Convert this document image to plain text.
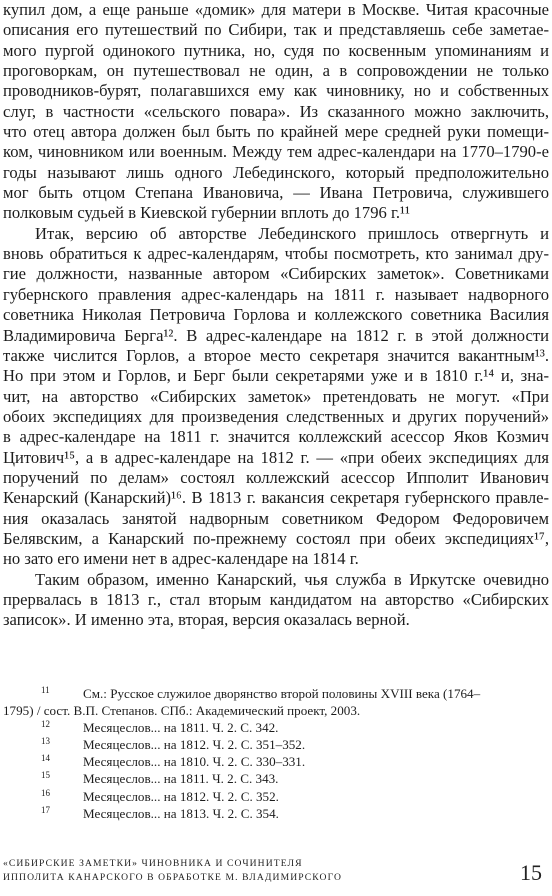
купил дом, а еще раньше «домик» для матери в Москве. Читая красочные
описания его путешествий по Сибири, так и представляешь себе заметае-
мого пургой одинокого путника, но, судя по косвенным упоминаниям и
проговоркам, он путешествовал не один, а в сопровождении не только
проводников-бурят, полагавшихся ему как чиновнику, но и собственных
слуг, в частности «сельского повара». Из сказанного можно заключить,
что отец автора должен был быть по крайней мере средней руки помещи-
ком, чиновником или военным. Между тем адрес-календари на 1770–1790-е
годы называют лишь одного Лебединского, который предположительно
мог быть отцом Степана Ивановича, — Ивана Петровича, служившего
полковым судьей в Киевской губернии вплоть до 1796 г.¹¹
Итак, версию об авторстве Лебединского пришлось отвергнуть и
вновь обратиться к адрес-календарям, чтобы посмотреть, кто занимал дру-
гие должности, названные автором «Сибирских заметок». Советниками
губернского правления адрес-календарь на 1811 г. называет надворного
советника Николая Петровича Горлова и коллежского советника Василия
Владимировича Берга¹². В адрес-календаре на 1812 г. в этой должности
также числится Горлов, а второе место секретаря значится вакантным¹³.
Но при этом и Горлов, и Берг были секретарями уже и в 1810 г.¹⁴ и, зна-
чит, на авторство «Сибирских заметок» претендовать не могут. «При
обоих экспедициях для произведения следственных и других поручений»
в адрес-календаре на 1811 г. значится коллежский асессор Яков Козмич
Цитович¹⁵, а в адрес-календаре на 1812 г. — «при обеих экспедициях для
поручений по делам» состоял коллежский асессор Ипполит Иванович
Кенарский (Канарский)¹⁶. В 1813 г. вакансия секретаря губернского правле-
ния оказалась занятой надворным советником Федором Федоровичем
Белявским, а Канарский по-прежнему состоял при обеих экспедициях¹⁷,
но зато его имени нет в адрес-календаре на 1814 г.
Таким образом, именно Канарский, чья служба в Иркутске очевидно
прервалась в 1813 г., стал вторым кандидатом на авторство «Сибирских
записок». И именно эта, вторая, версия оказалась верной.
11	См.: Русское служилое дворянство второй половины XVIII века (1764–
1795) / сост. В.П. Степанов. СПб.: Академический проект, 2003.
12	Месяцеслов... на 1811. Ч. 2. С. 342.
13	Месяцеслов... на 1812. Ч. 2. С. 351–352.
14	Месяцеслов... на 1810. Ч. 2. С. 330–331.
15	Месяцеслов... на 1811. Ч. 2. С. 343.
16	Месяцеслов... на 1812. Ч. 2. С. 352.
17	Месяцеслов... на 1813. Ч. 2. С. 354.
«СИБИРСКИЕ ЗАМЕТКИ» ЧИНОВНИКА И СОЧИНИТЕЛЯ
ИППОЛИТА КАНАРСКОГО В ОБРАБОТКЕ М. ВЛАДИМИРСКОГО	15
